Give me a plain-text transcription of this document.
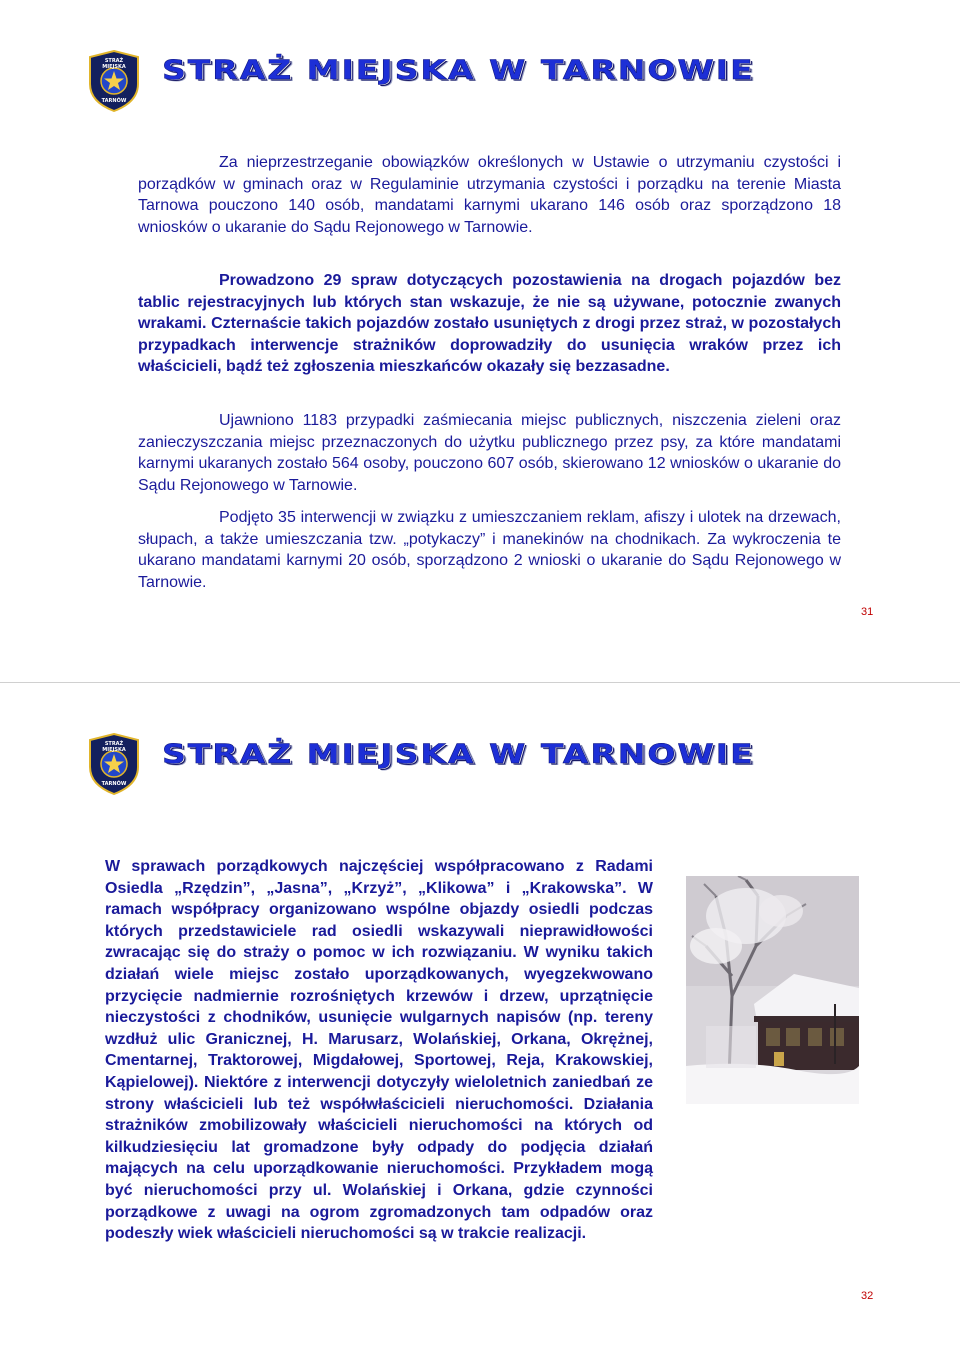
STRAŻ
MIEJSKA
TARNÓW
STRAŻ MIEJSKA W TARNOWIE

Za nieprzestrzeganie obowiązków określonych w Ustawie o utrzymaniu czystości i porządków w gminach oraz w Regulaminie utrzymania czystości i porządku na terenie Miasta Tarnowa pouczono 140 osób, mandatami karnymi ukarano 146 osób oraz sporządzono 18 wniosków o ukaranie do Sądu Rejonowego w Tarnowie.

Prowadzono 29 spraw dotyczących pozostawienia na drogach pojazdów bez tablic rejestracyjnych lub których stan wskazuje, że nie są używane, potocznie zwanych wrakami. Czternaście takich pojazdów zostało usuniętych z drogi przez straż, w pozostałych przypadkach interwencje strażników doprowadziły do usunięcia wraków przez ich właścicieli, bądź też zgłoszenia mieszkańców okazały się bezzasadne.

Ujawniono 1183 przypadki zaśmiecania miejsc publicznych, niszczenia zieleni oraz zanieczyszczania miejsc przeznaczonych do użytku publicznego przez psy, za które mandatami karnymi ukaranych zostało 564 osoby, pouczono 607 osób, skierowano 12 wniosków o ukaranie do Sądu Rejonowego w Tarnowie.

Podjęto 35 interwencji w związku z umieszczaniem reklam, afiszy i ulotek na drzewach, słupach, a także umieszczania tzw. „potykaczy” i manekinów na chodnikach. Za wykroczenia te ukarano mandatami karnymi 20 osób, sporządzono 2 wnioski o ukaranie do Sądu Rejonowego w Tarnowie.

31
STRAŻ
MIEJSKA
TARNÓW
STRAŻ MIEJSKA W TARNOWIE

W sprawach porządkowych najczęściej współpracowano z Radami Osiedla „Rzędzin”, „Jasna”, „Krzyż”, „Klikowa” i „Krakowska”. W ramach współpracy organizowano wspólne objazdy osiedli podczas których przedstawiciele rad osiedli wskazywali nieprawidłowości zwracając się do straży o pomoc w ich rozwiązaniu. W wyniku takich działań wiele miejsc zostało uporządkowanych, wyegzekwowano przycięcie nadmiernie rozrośniętych krzewów i drzew, uprzątnięcie nieczystości z chodników, usunięcie wulgarnych napisów (np. tereny wzdłuż ulic Granicznej, H. Marusarz, Wolańskiej, Orkana, Okrężnej, Cmentarnej, Traktorowej, Migdałowej, Sportowej, Reja, Krakowskiej, Kąpielowej). Niektóre z interwencji dotyczyły wieloletnich zaniedbań ze strony właścicieli lub też współwłaścicieli nieruchomości. Działania strażników zmobilizowały właścicieli nieruchomości na których od kilkudziesięciu lat gromadzone były odpady do podjęcia działań mających na celu uporządkowanie nieruchomości. Przykładem mogą być nieruchomości przy ul. Wolańskiej i Orkana, gdzie czynności porządkowe z uwagi na ogrom zgromadzonych tam odpadów oraz podeszły wiek właścicieli nieruchomości są w trakcie realizacji.

32
